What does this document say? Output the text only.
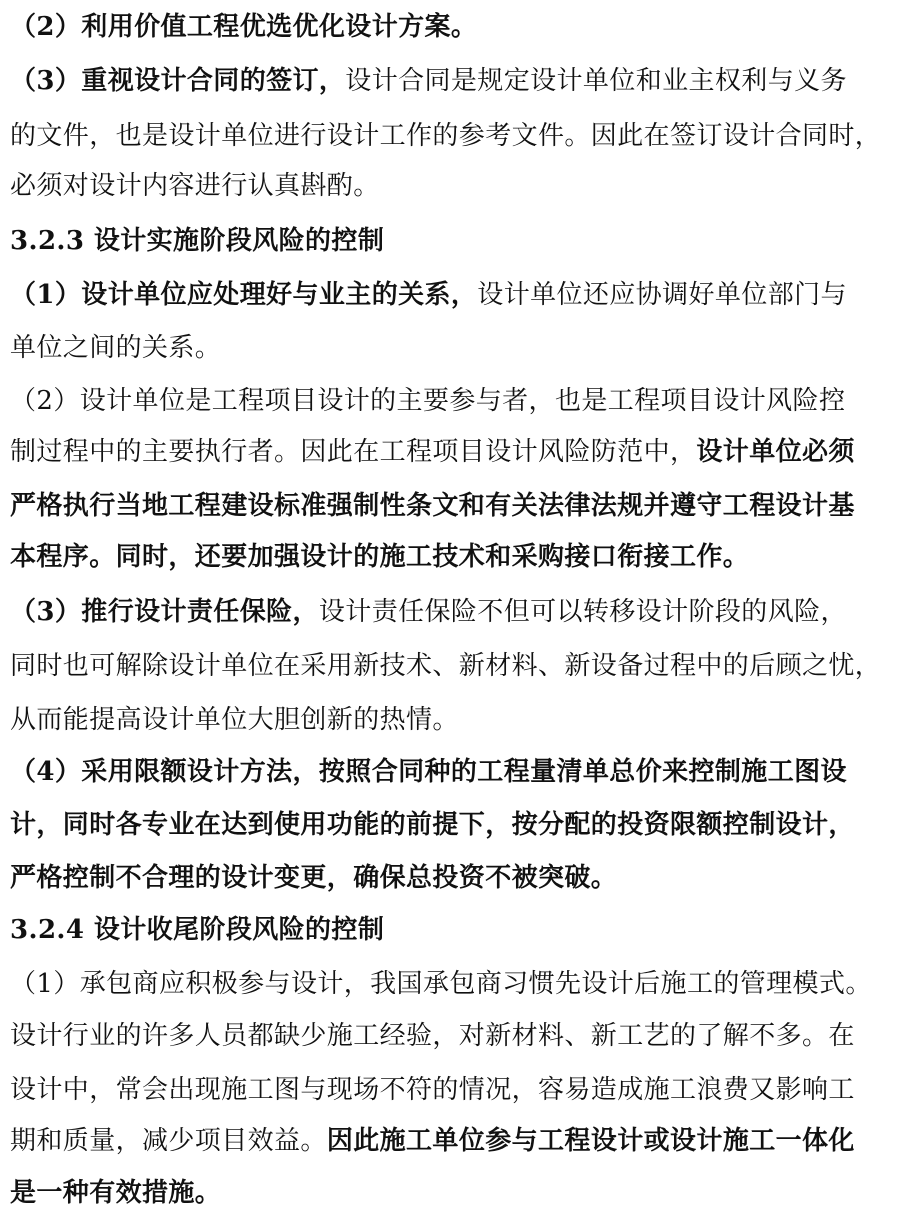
（2）利用价值工程优选优化设计方案。
（3）重视设计合同的签订，设计合同是规定设计单位和业主权利与义务
的文件，也是设计单位进行设计工作的参考文件。因此在签订设计合同时，
必须对设计内容进行认真斟酌。
3.2.3 设计实施阶段风险的控制
（1）设计单位应处理好与业主的关系，设计单位还应协调好单位部门与
单位之间的关系。
（2）设计单位是工程项目设计的主要参与者，也是工程项目设计风险控
制过程中的主要执行者。因此在工程项目设计风险防范中，设计单位必须
严格执行当地工程建设标准强制性条文和有关法律法规并遵守工程设计基
本程序。同时，还要加强设计的施工技术和采购接口衔接工作。
（3）推行设计责任保险，设计责任保险不但可以转移设计阶段的风险，
同时也可解除设计单位在采用新技术、新材料、新设备过程中的后顾之忧，
从而能提高设计单位大胆创新的热情。
（4）采用限额设计方法，按照合同种的工程量清单总价来控制施工图设
计，同时各专业在达到使用功能的前提下，按分配的投资限额控制设计，
严格控制不合理的设计变更，确保总投资不被突破。
3.2.4 设计收尾阶段风险的控制
（1）承包商应积极参与设计，我国承包商习惯先设计后施工的管理模式。
设计行业的许多人员都缺少施工经验，对新材料、新工艺的了解不多。在
设计中，常会出现施工图与现场不符的情况，容易造成施工浪费又影响工
期和质量，减少项目效益。因此施工单位参与工程设计或设计施工一体化
是一种有效措施。
